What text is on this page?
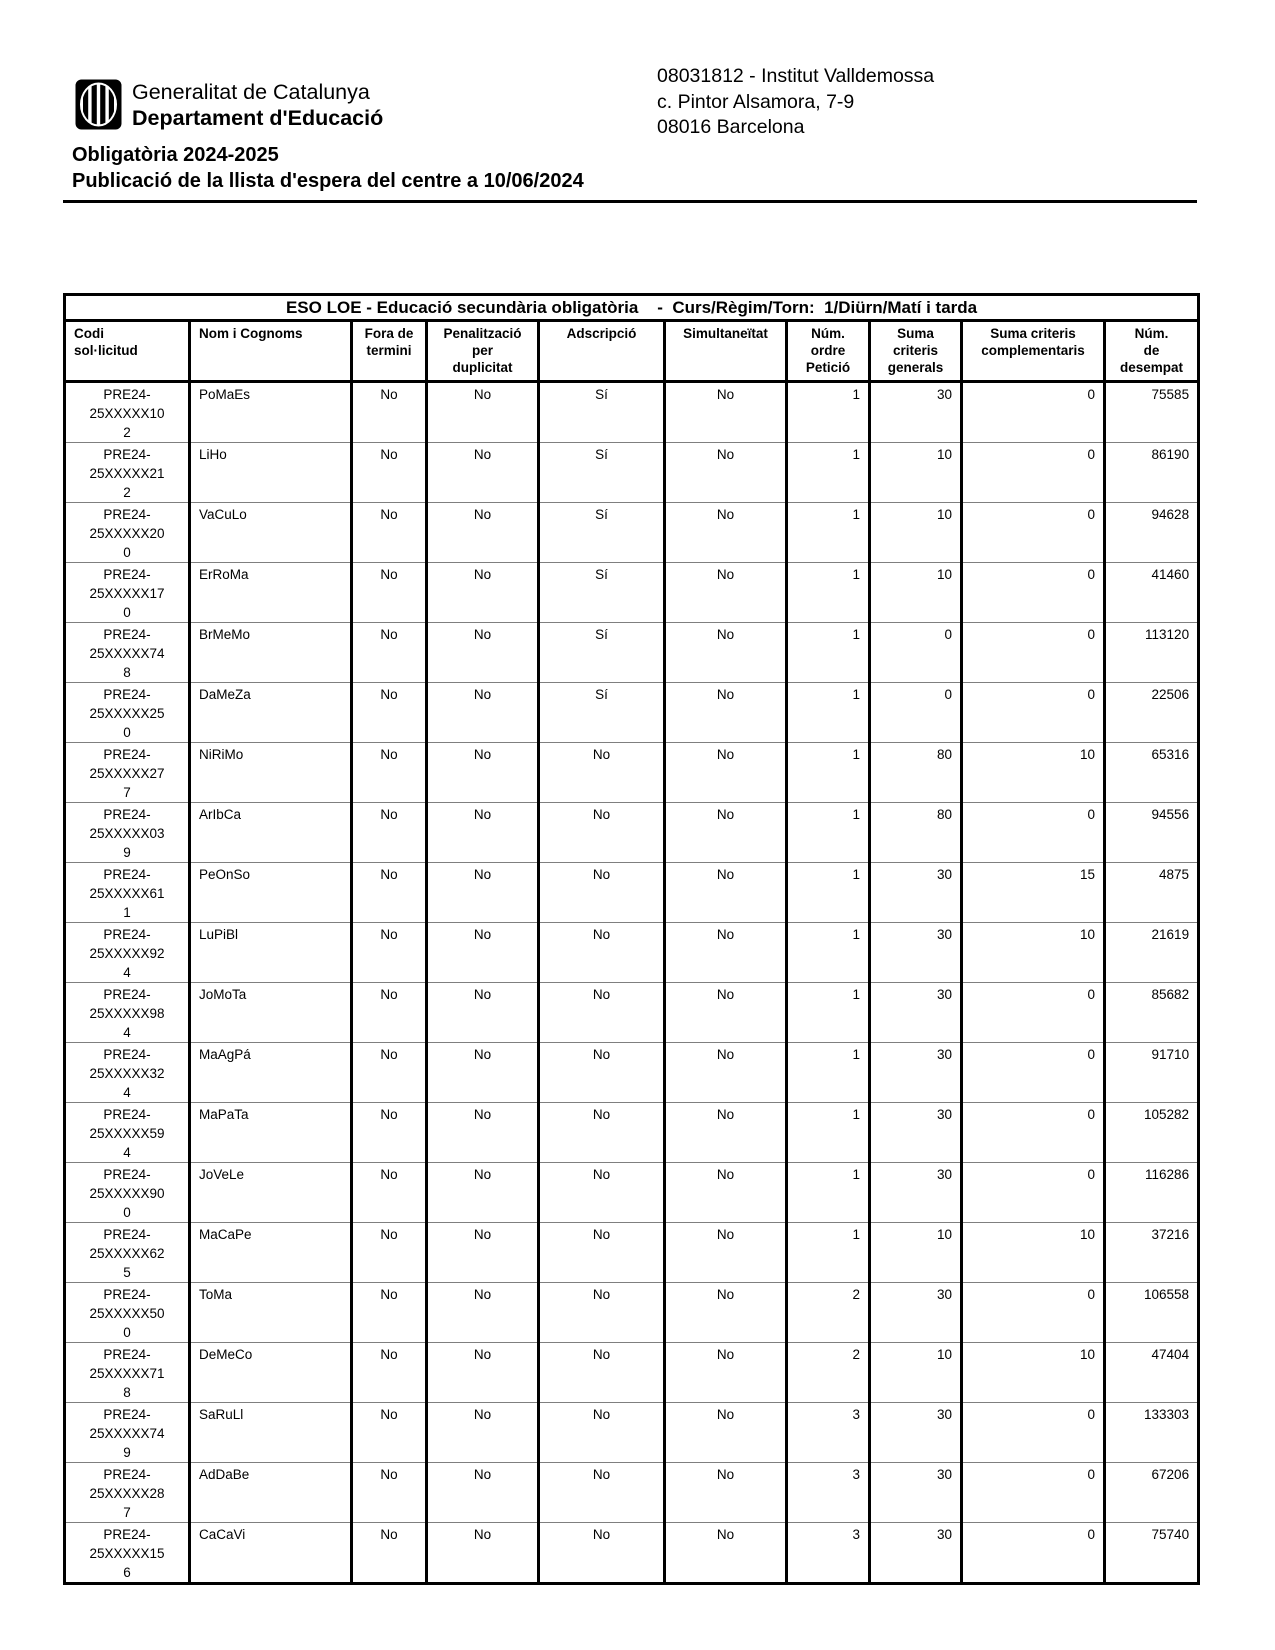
Generalitat de Catalunya
Departament d'Educació
08031812 - Institut Valldemossa
c. Pintor Alsamora, 7-9
08016 Barcelona
Obligatòria 2024-2025
Publicació de la llista d'espera del centre a 10/06/2024
ESO LOE - Educació secundària obligatòria    -  Curs/Règim/Torn:  1/Diürn/Matí i tarda									
Codi
sol·licitud	Nom i Cognoms	Fora de
termini	Penalització
per
duplicitat	Adscripció	Simultaneïtat	Núm.
ordre
Petició	Suma
criteris
generals	Suma criteris
complementaris	Núm.
de
desempat
PRE24-
25XXXXX10
2	PoMaEs	No	No	Sí	No	1	30	0	75585
PRE24-
25XXXXX21
2	LiHo	No	No	Sí	No	1	10	0	86190
PRE24-
25XXXXX20
0	VaCuLo	No	No	Sí	No	1	10	0	94628
PRE24-
25XXXXX17
0	ErRoMa	No	No	Sí	No	1	10	0	41460
PRE24-
25XXXXX74
8	BrMeMo	No	No	Sí	No	1	0	0	113120
PRE24-
25XXXXX25
0	DaMeZa	No	No	Sí	No	1	0	0	22506
PRE24-
25XXXXX27
7	NiRiMo	No	No	No	No	1	80	10	65316
PRE24-
25XXXXX03
9	ArIbCa	No	No	No	No	1	80	0	94556
PRE24-
25XXXXX61
1	PeOnSo	No	No	No	No	1	30	15	4875
PRE24-
25XXXXX92
4	LuPiBl	No	No	No	No	1	30	10	21619
PRE24-
25XXXXX98
4	JoMoTa	No	No	No	No	1	30	0	85682
PRE24-
25XXXXX32
4	MaAgPá	No	No	No	No	1	30	0	91710
PRE24-
25XXXXX59
4	MaPaTa	No	No	No	No	1	30	0	105282
PRE24-
25XXXXX90
0	JoVeLe	No	No	No	No	1	30	0	116286
PRE24-
25XXXXX62
5	MaCaPe	No	No	No	No	1	10	10	37216
PRE24-
25XXXXX50
0	ToMa	No	No	No	No	2	30	0	106558
PRE24-
25XXXXX71
8	DeMeCo	No	No	No	No	2	10	10	47404
PRE24-
25XXXXX74
9	SaRuLl	No	No	No	No	3	30	0	133303
PRE24-
25XXXXX28
7	AdDaBe	No	No	No	No	3	30	0	67206
PRE24-
25XXXXX15
6	CaCaVi	No	No	No	No	3	30	0	75740
